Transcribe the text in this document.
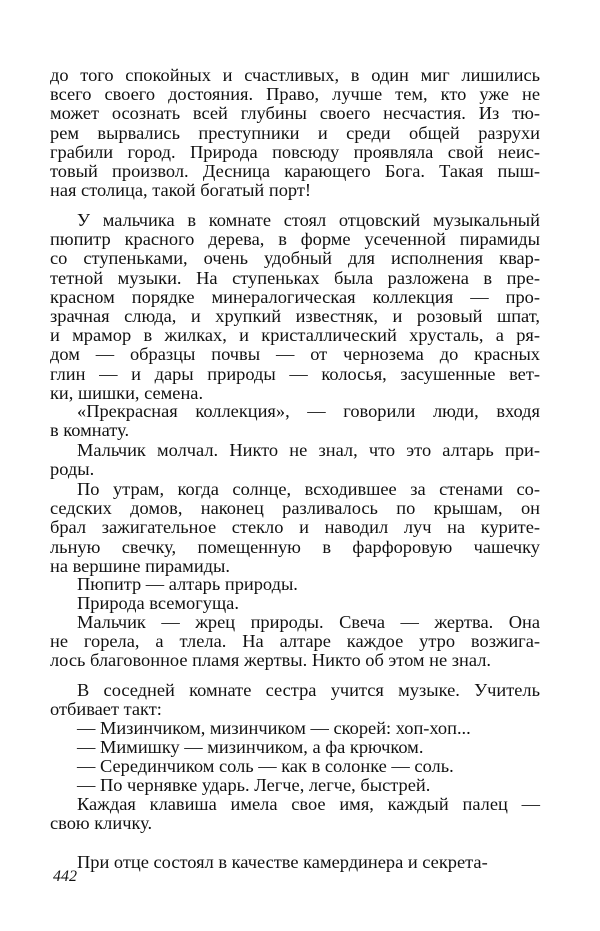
до того спокойных и счастливых, в один миг лишились
всего своего достояния. Право, лучше тем, кто уже не
может осознать всей глубины своего несчастия. Из тю-
рем вырвались преступники и среди общей разрухи
грабили город. Природа повсюду проявляла свой неис-
товый произвол. Десница карающего Бога. Такая пыш-
ная столица, такой богатый порт!
У мальчика в комнате стоял отцовский музыкальный
пюпитр красного дерева, в форме усеченной пирамиды
со ступеньками, очень удобный для исполнения квар-
тетной музыки. На ступеньках была разложена в пре-
красном порядке минералогическая коллекция — про-
зрачная слюда, и хрупкий известняк, и розовый шпат,
и мрамор в жилках, и кристаллический хрусталь, а ря-
дом — образцы почвы — от чернозема до красных
глин — и дары природы — колосья, засушенные вет-
ки, шишки, семена.
«Прекрасная коллекция», — говорили люди, входя
в комнату.
Мальчик молчал. Никто не знал, что это алтарь при-
роды.
По утрам, когда солнце, всходившее за стенами со-
седских домов, наконец разливалось по крышам, он
брал зажигательное стекло и наводил луч на курите-
льную свечку, помещенную в фарфоровую чашечку
на вершине пирамиды.
Пюпитр — алтарь природы.
Природа всемогуща.
Мальчик — жрец природы. Свеча — жертва. Она
не горела, а тлела. На алтаре каждое утро возжига-
лось благовонное пламя жертвы. Никто об этом не знал.
В соседней комнате сестра учится музыке. Учитель
отбивает такт:
— Мизинчиком, мизинчиком — скорей: хоп-хоп...
— Мимишку — мизинчиком, а фа крючком.
— Серединчиком соль — как в солонке — соль.
— По чернявке ударь. Легче, легче, быстрей.
Каждая клавиша имела свое имя, каждый палец —
свою кличку.
При отце состоял в качестве камердинера и секрета-
442
